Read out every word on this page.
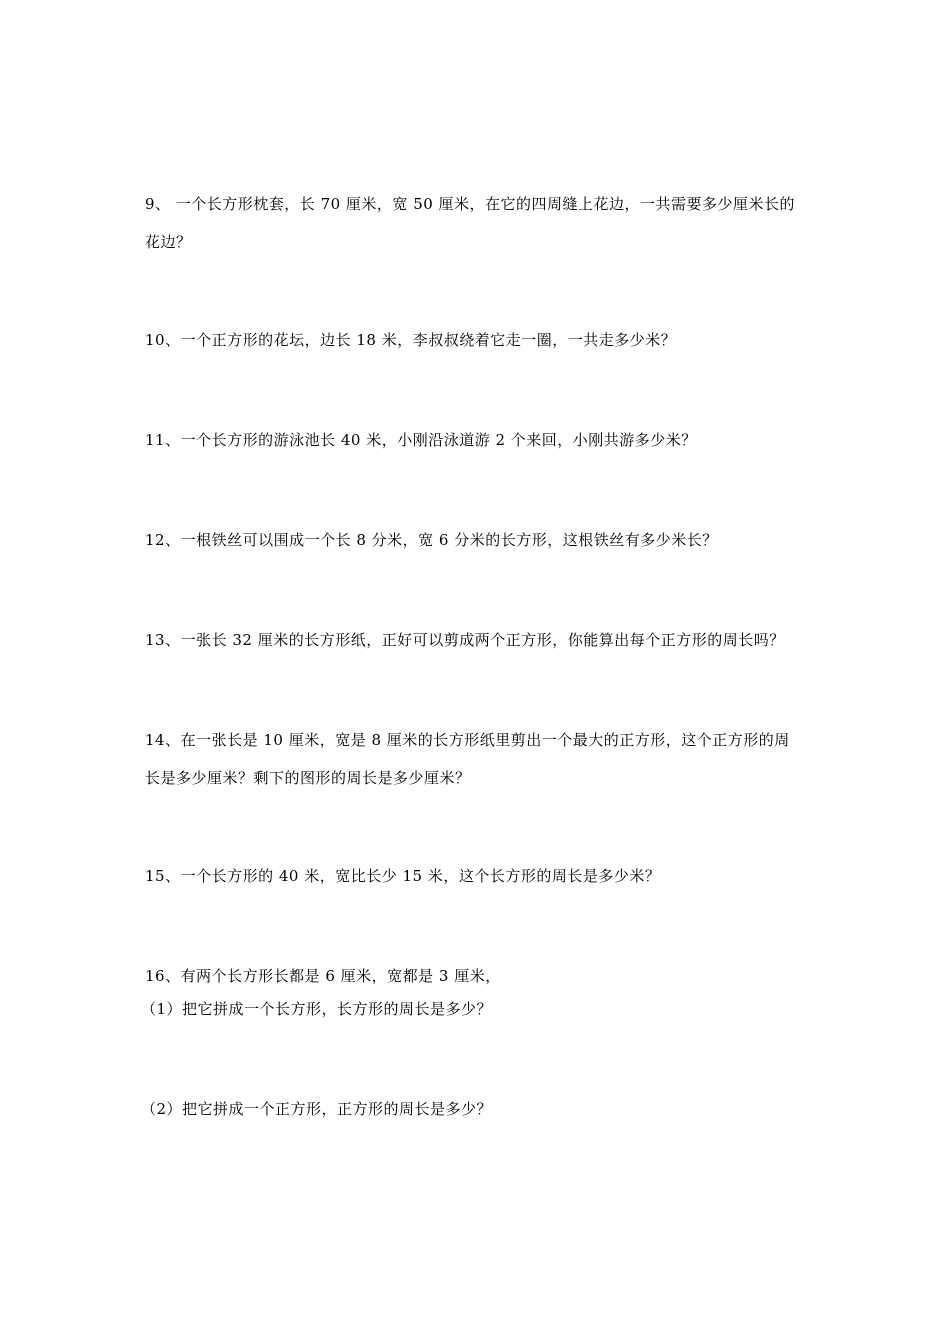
9、 一个长方形枕套，长 70 厘米，宽 50 厘米，在它的四周缝上花边，一共需要多少厘米长的
花边？
10、一个正方形的花坛，边长 18 米，李叔叔绕着它走一圈，一共走多少米？
11、一个长方形的游泳池长 40 米，小刚沿泳道游 2 个来回，小刚共游多少米？
12、一根铁丝可以围成一个长 8 分米，宽 6 分米的长方形，这根铁丝有多少米长？
13、一张长 32 厘米的长方形纸，正好可以剪成两个正方形，你能算出每个正方形的周长吗？
14、在一张长是 10 厘米，宽是 8 厘米的长方形纸里剪出一个最大的正方形，这个正方形的周
长是多少厘米？剩下的图形的周长是多少厘米？
15、一个长方形的 40 米，宽比长少 15 米，这个长方形的周长是多少米？
16、有两个长方形长都是 6 厘米，宽都是 3 厘米，
（1）把它拼成一个长方形，长方形的周长是多少？
（2）把它拼成一个正方形，正方形的周长是多少？
